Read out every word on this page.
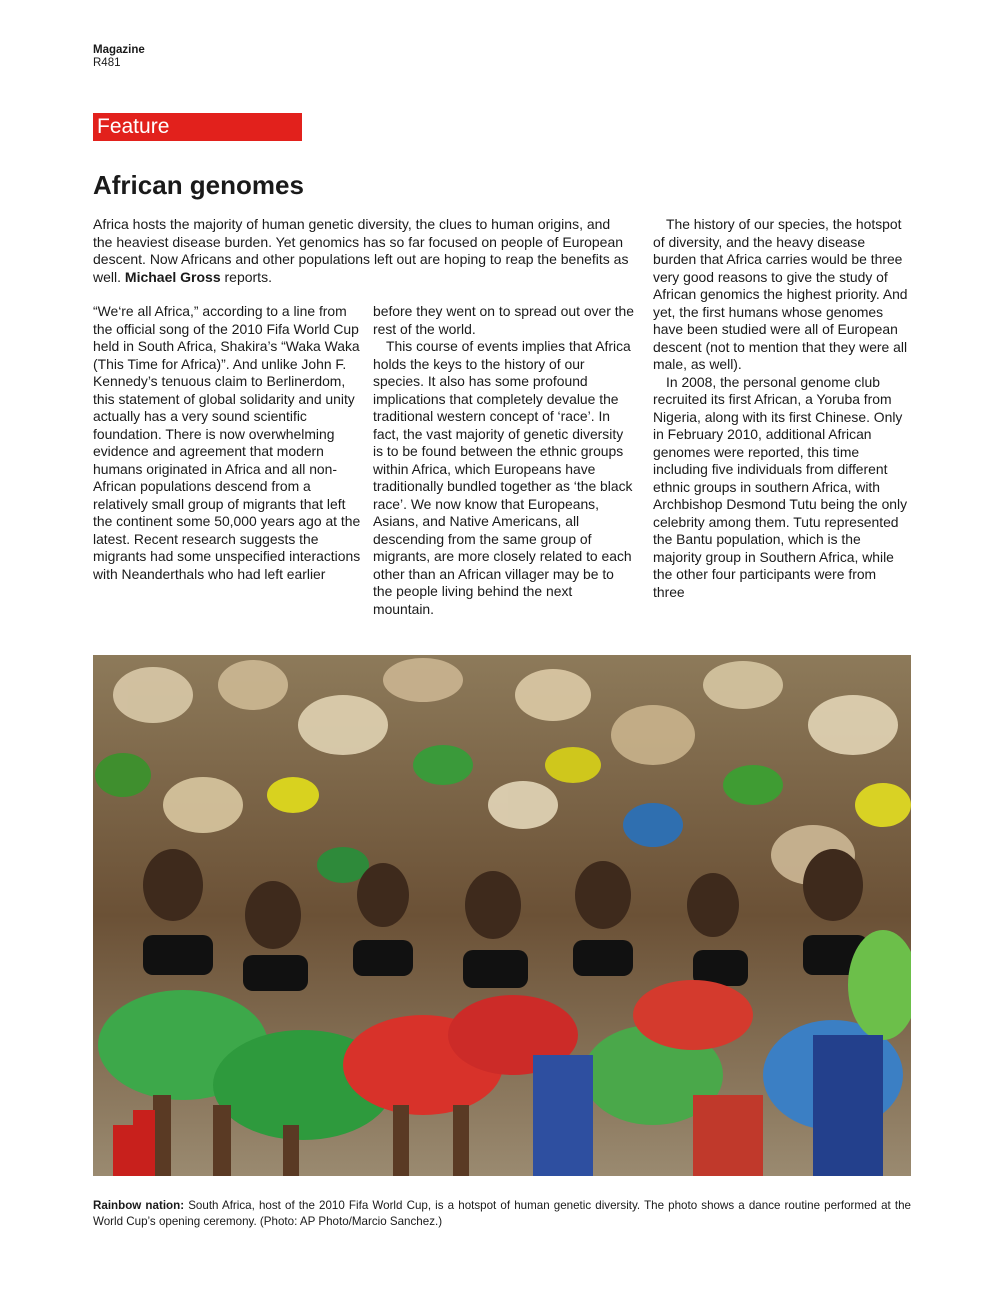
Magazine
R481
Feature
African genomes

Africa hosts the majority of human genetic diversity, the clues to human origins, and the heaviest disease burden. Yet genomics has so far focused on people of European descent. Now Africans and other populations left out are hoping to reap the benefits as well. Michael Gross reports.

“We‘re all Africa,” according to a line from the official song of the 2010 Fifa World Cup held in South Africa, Shakira’s “Waka Waka (This Time for Africa)”. And unlike John F. Kennedy’s tenuous claim to Berlinerdom, this statement of global solidarity and unity actually has a very sound scientific foundation. There is now overwhelming evidence and agreement that modern humans originated in Africa and all non-African populations descend from a relatively small group of migrants that left the continent some 50,000 years ago at the latest. Recent research suggests the migrants had some unspecified interactions with Neanderthals who had left earlier

before they went on to spread out over the rest of the world.

This course of events implies that Africa holds the keys to the history of our species. It also has some profound implications that completely devalue the traditional western concept of ‘race’. In fact, the vast majority of genetic diversity is to be found between the ethnic groups within Africa, which Europeans have traditionally bundled together as ‘the black race’. We now know that Europeans, Asians, and Native Americans, all descending from the same group of migrants, are more closely related to each other than an African villager may be to the people living behind the next mountain.

The history of our species, the hotspot of diversity, and the heavy disease burden that Africa carries would be three very good reasons to give the study of African genomics the highest priority. And yet, the first humans whose genomes have been studied were all of European descent (not to mention that they were all male, as well).

In 2008, the personal genome club recruited its first African, a Yoruba from Nigeria, along with its first Chinese. Only in February 2010, additional African genomes were reported, this time including five individuals from different ethnic groups in southern Africa, with Archbishop Desmond Tutu being the only celebrity among them. Tutu represented the Bantu population, which is the majority group in Southern Africa, while the other four participants were from three

Rainbow nation: South Africa, host of the 2010 Fifa World Cup, is a hotspot of human genetic diversity. The photo shows a dance routine performed at the World Cup’s opening ceremony. (Photo: AP Photo/Marcio Sanchez.)
